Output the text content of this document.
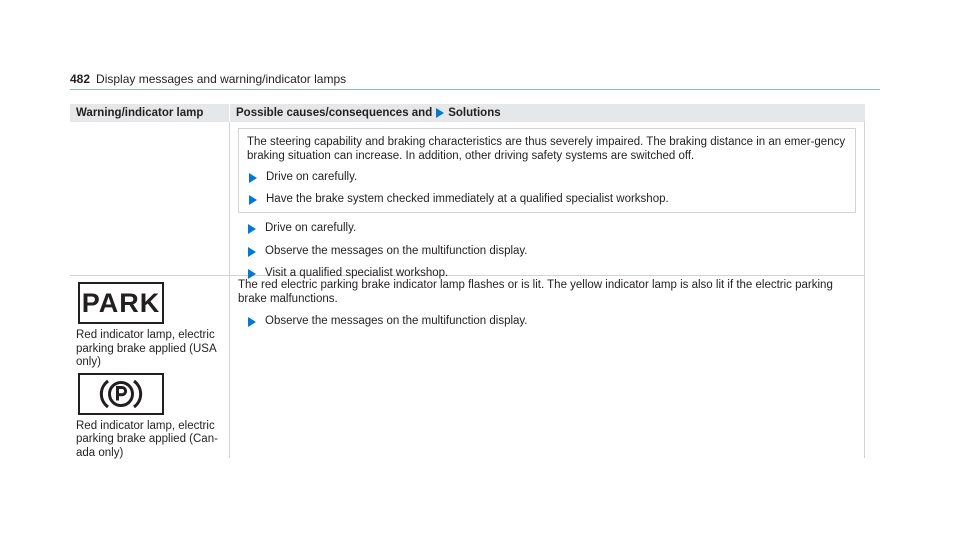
482 Display messages and warning/indicator lamps
Warning/indicator lamp	Possible causes/consequences and Solutions

The steering capability and braking characteristics are thus severely impaired. The braking distance in an emer-gency braking situation can increase. In addition, other driving safety systems are switched off.

Drive on carefully.
Have the brake system checked immediately at a qualified specialist workshop.
Drive on carefully.
Observe the messages on the multifunction display.
Visit a qualified specialist workshop.
PARK
Red indicator lamp, electric parking brake applied (USA only)
Red indicator lamp, electric parking brake applied (Can-ada only)

The red electric parking brake indicator lamp flashes or is lit. The yellow indicator lamp is also lit if the electric parking brake malfunctions.

Observe the messages on the multifunction display.
